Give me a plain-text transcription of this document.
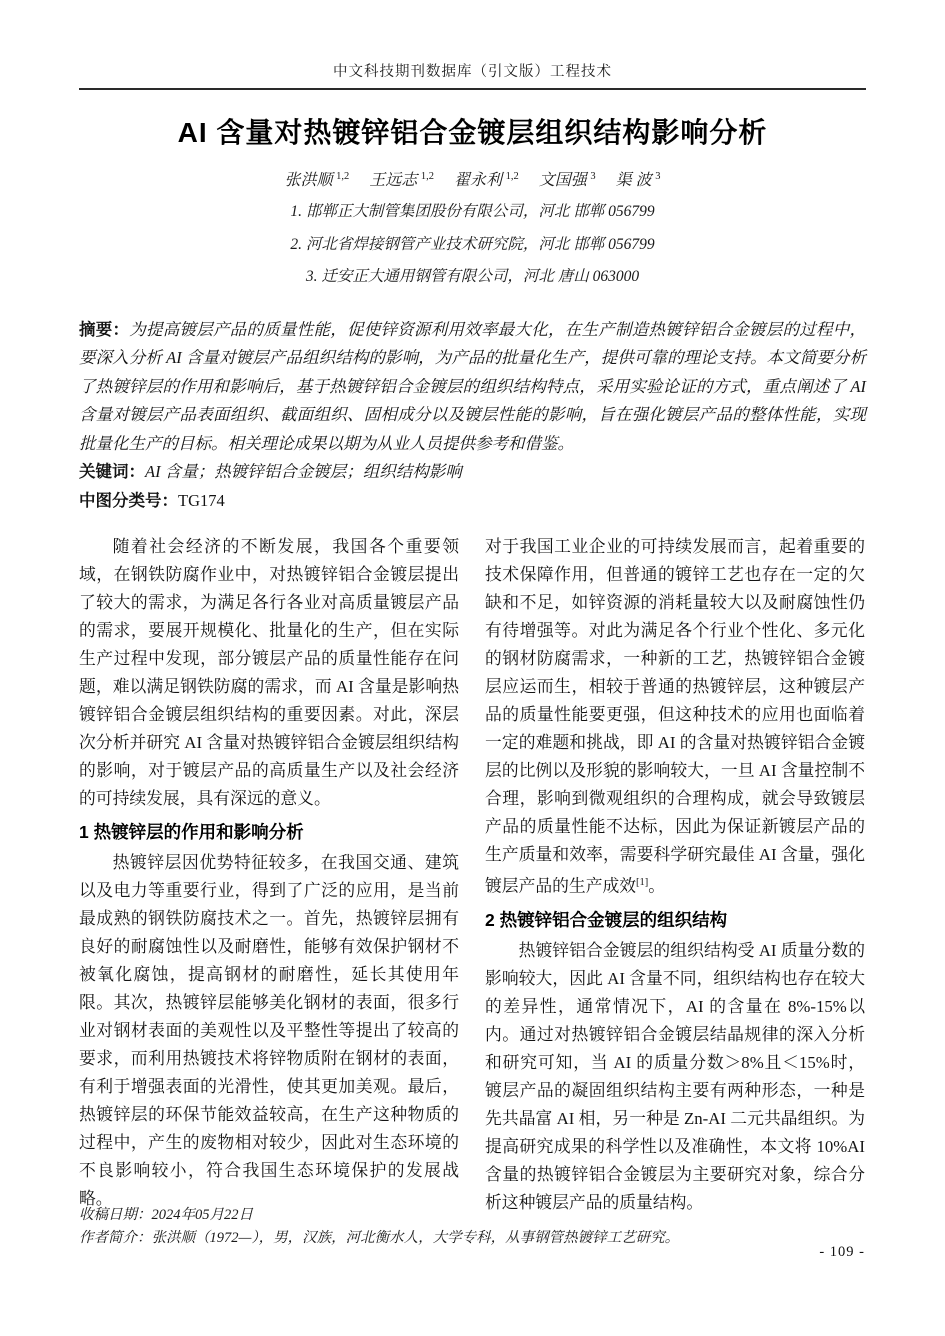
中文科技期刊数据库（引文版）工程技术
AI 含量对热镀锌铝合金镀层组织结构影响分析
张洪顺 $^{1,2}$ 王远志 $^{1,2}$ 翟永利 $^{1,2}$ 文国强 $^3$ 渠 波 $^3$
1. 邯郸正大制管集团股份有限公司，河北 邯郸 056799
2. 河北省焊接钢管产业技术研究院，河北 邯郸 056799
3. 迁安正大通用钢管有限公司，河北 唐山 063000

摘要：为提高镀层产品的质量性能，促使锌资源利用效率最大化，在生产制造热镀锌铝合金镀层的过程中，要深入分析 AI 含量对镀层产品组织结构的影响，为产品的批量化生产，提供可靠的理论支持。本文简要分析了热镀锌层的作用和影响后，基于热镀锌铝合金镀层的组织结构特点，采用实验论证的方式，重点阐述了 AI 含量对镀层产品表面组织、截面组织、固相成分以及镀层性能的影响，旨在强化镀层产品的整体性能，实现批量化生产的目标。相关理论成果以期为从业人员提供参考和借鉴。

关键词：AI 含量；热镀锌铝合金镀层；组织结构影响

中图分类号：TG174

随着社会经济的不断发展，我国各个重要领域，在钢铁防腐作业中，对热镀锌铝合金镀层提出了较大的需求，为满足各行各业对高质量镀层产品的需求，要展开规模化、批量化的生产，但在实际生产过程中发现，部分镀层产品的质量性能存在问题，难以满足钢铁防腐的需求，而 AI 含量是影响热镀锌铝合金镀层组织结构的重要因素。对此，深层次分析并研究 AI 含量对热镀锌铝合金镀层组织结构的影响，对于镀层产品的高质量生产以及社会经济的可持续发展，具有深远的意义。

1 热镀锌层的作用和影响分析

热镀锌层因优势特征较多，在我国交通、建筑以及电力等重要行业，得到了广泛的应用，是当前最成熟的钢铁防腐技术之一。首先，热镀锌层拥有良好的耐腐蚀性以及耐磨性，能够有效保护钢材不被氧化腐蚀，提高钢材的耐磨性，延长其使用年限。其次，热镀锌层能够美化钢材的表面，很多行业对钢材表面的美观性以及平整性等提出了较高的要求，而利用热镀技术将锌物质附在钢材的表面，有利于增强表面的光滑性，使其更加美观。最后，热镀锌层的环保节能效益较高，在生产这种物质的过程中，产生的废物相对较少，因此对生态环境的不良影响较小，符合我国生态环境保护的发展战略。

对于我国工业企业的可持续发展而言，起着重要的技术保障作用，但普通的镀锌工艺也存在一定的欠缺和不足，如锌资源的消耗量较大以及耐腐蚀性仍有待增强等。对此为满足各个行业个性化、多元化的钢材防腐需求，一种新的工艺，热镀锌铝合金镀层应运而生，相较于普通的热镀锌层，这种镀层产品的质量性能要更强，但这种技术的应用也面临着一定的难题和挑战，即 AI 的含量对热镀锌铝合金镀层的比例以及形貌的影响较大，一旦 AI 含量控制不合理，影响到微观组织的合理构成，就会导致镀层产品的质量性能不达标，因此为保证新镀层产品的生产质量和效率，需要科学研究最佳 AI 含量，强化镀层产品的生产成效[1]。

2 热镀锌铝合金镀层的组织结构

热镀锌铝合金镀层的组织结构受 AI 质量分数的影响较大，因此 AI 含量不同，组织结构也存在较大的差异性，通常情况下，AI 的含量在 8%-15%以内。通过对热镀锌铝合金镀层结晶规律的深入分析和研究可知，当 AI 的质量分数＞8%且＜15%时，镀层产品的凝固组织结构主要有两种形态，一种是先共晶富 AI 相，另一种是 Zn-AI 二元共晶组织。为提高研究成果的科学性以及准确性，本文将 10%AI 含量的热镀锌铝合金镀层为主要研究对象，综合分析这种镀层产品的质量结构。

收稿日期：2024年05月22日
作者简介：张洪顺（1972—），男，汉族，河北衡水人，大学专科，从事钢管热镀锌工艺研究。
- 109 -
